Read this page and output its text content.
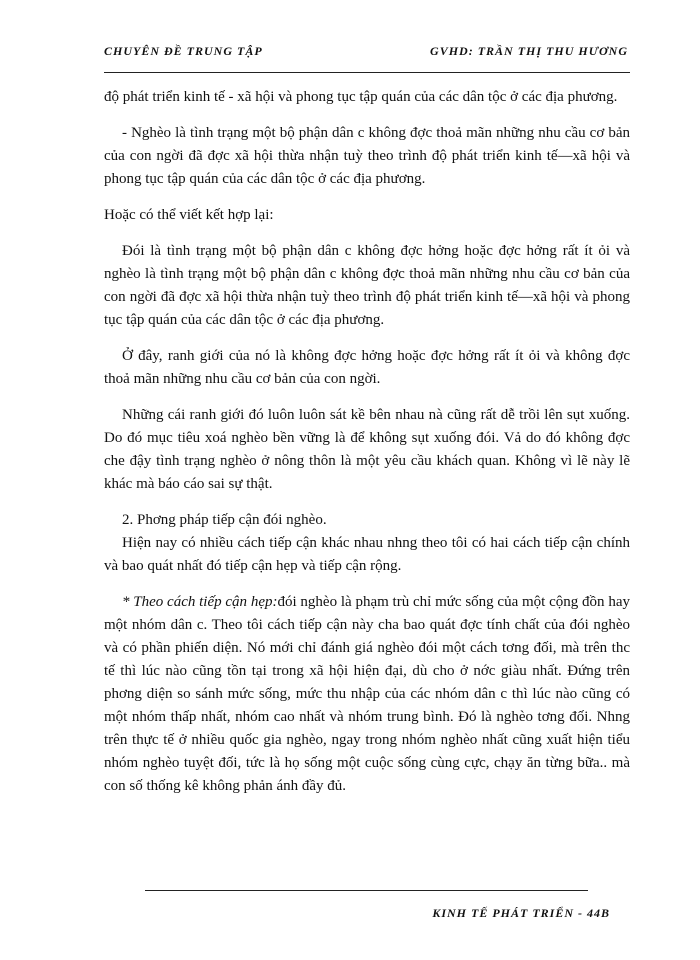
CHUYÊN ĐỀ TRUNG TẬP	GVHD: TRẦN THỊ THU HƯƠNG

độ phát triển kinh tế - xã hội và phong tục tập quán của các dân tộc ở các địa phương.

- Nghèo là tình trạng một bộ phận dân c không đợc thoả mãn những nhu cầu cơ bản của con ngời đã đợc xã hội thừa nhận tuỳ theo trình độ phát triển kinh tế—xã hội và phong tục tập quán của các dân tộc ở các địa phương.

Hoặc có thể viết kết hợp lại:

Đói là tình trạng một bộ phận dân c không đợc hởng hoặc đợc hởng rất ít ỏi và nghèo là tình trạng một bộ phận dân c không đợc thoả mãn những nhu cầu cơ bản của con ngời đã đợc xã hội thừa nhận tuỳ theo trình độ phát triển kinh tế—xã hội và phong tục tập quán của các dân tộc ở các địa phương.

Ở đây, ranh giới của nó là không đợc hởng hoặc đợc hởng rất ít ỏi và không đợc thoả mãn những nhu cầu cơ bản của con ngời.

Những cái ranh giới đó luôn luôn sát kề bên nhau nà cũng rất dễ trồi lên sụt xuống. Do đó mục tiêu xoá nghèo bền vững là để không sụt xuống đói. Vả do đó không đợc che đậy tình trạng nghèo ở nông thôn là một yêu cầu khách quan. Không vì lẽ này lẽ khác mà báo cáo sai sự thật.

2. Phơng pháp tiếp cận đói nghèo.

Hiện nay có nhiều cách tiếp cận khác nhau nhng theo tôi có hai cách tiếp cận chính và bao quát nhất đó tiếp cận hẹp và tiếp cận rộng.

* Theo cách tiếp cận hẹp:đói nghèo là phạm trù chỉ mức sống của một cộng đồn hay một nhóm dân c. Theo tôi cách tiếp cận này cha bao quát đợc tính chất của đói nghèo và có phần phiến diện. Nó mới chỉ đánh giá nghèo đói một cách tơng đối, mà trên thc tế thì lúc nào cũng tồn tại trong xã hội hiện đại, dù cho ở nớc giàu nhất. Đứng trên phơng diện so sánh mức sống, mức thu nhập của các nhóm dân c thì lúc nào cũng có một nhóm thấp nhất, nhóm cao nhất và nhóm trung bình. Đó là nghèo tơng đối. Nhng trên thực tế ở nhiều quốc gia nghèo, ngay trong nhóm nghèo nhất cũng xuất hiện tiểu nhóm nghèo tuyệt đối, tức là họ sống một cuộc sống cùng cực, chạy ăn từng bữa.. mà con số thống kê không phản ánh đầy đủ.

KINH TẾ PHÁT TRIỂN - 44B
